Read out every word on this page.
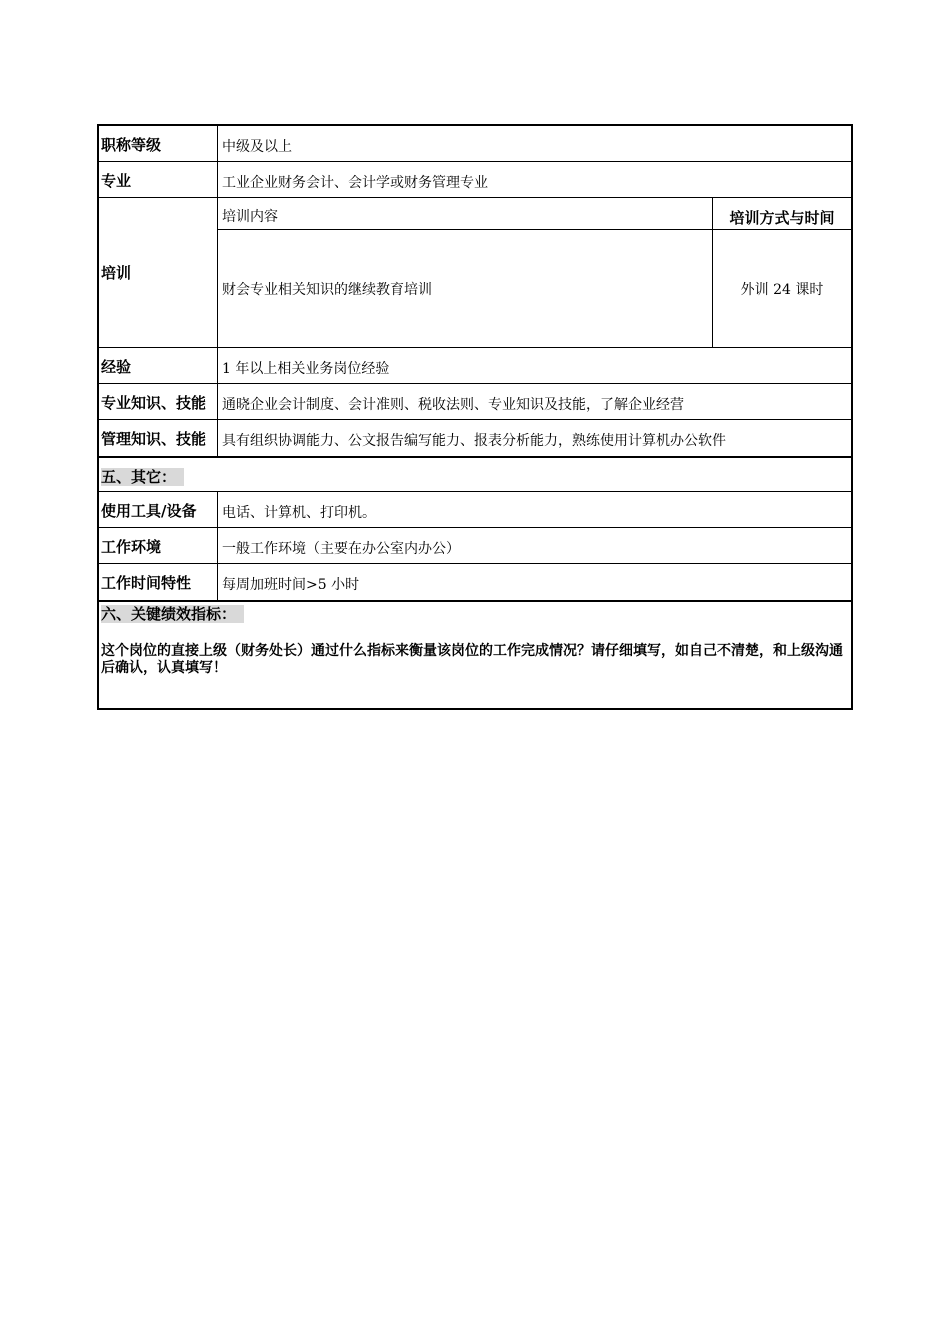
职称等级	中级及以上
专业	工业企业财务会计、会计学或财务管理专业
培训
培训内容	培训方式与时间
财会专业相关知识的继续教育培训	外训 24 课时
经验	1 年以上相关业务岗位经验
专业知识、技能	通晓企业会计制度、会计准则、税收法则、专业知识及技能，了解企业经营
管理知识、技能	具有组织协调能力、公文报告编写能力、报表分析能力，熟练使用计算机办公软件
五、其它：
使用工具/设备	电话、计算机、打印机。
工作环境	一般工作环境（主要在办公室内办公）
工作时间特性	每周加班时间>5 小时
六、关键绩效指标：
这个岗位的直接上级（财务处长）通过什么指标来衡量该岗位的工作完成情况？请仔细填写，如自己不清楚，和上级沟通后确认，认真填写！
